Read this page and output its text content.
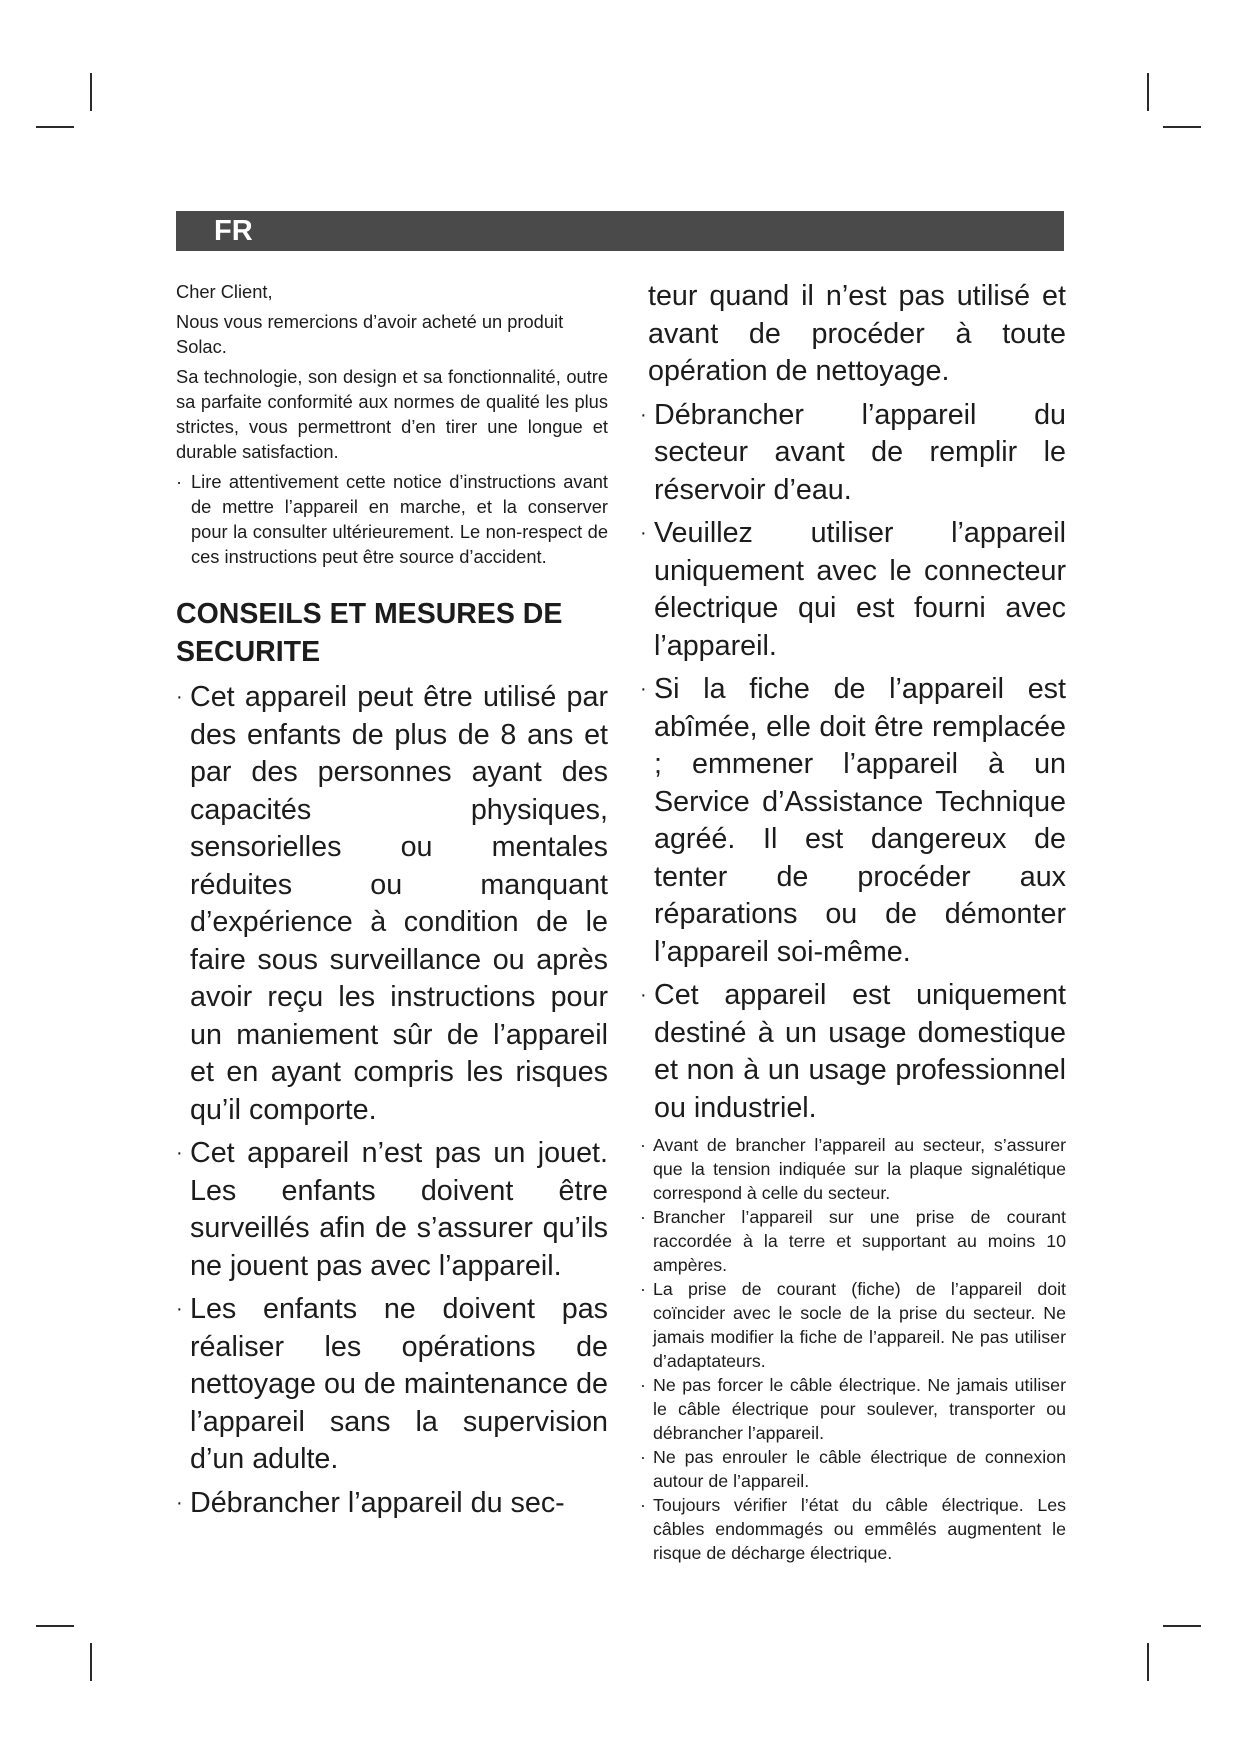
FR

Cher Client,

Nous vous remercions d’avoir acheté un produit Solac.

Sa technologie, son design et sa fonctionnalité, outre sa parfaite conformité aux normes de qualité les plus strictes, vous permettront d’en tirer une longue et durable satisfaction.

· Lire attentivement cette notice d’instructions avant de mettre l’appareil en marche, et la conserver pour la consulter ultérieurement. Le non-respect de ces instructions peut être source d’accident.

CONSEILS ET MESURES DE
SECURITE

· Cet appareil peut être utilisé par des enfants de plus de 8 ans et par des personnes ayant des capacités physiques, sensorielles ou mentales réduites ou manquant d’expérience à condition de le faire sous surveillance ou après avoir reçu les instructions pour un maniement sûr de l’appareil et en ayant compris les risques qu’il comporte.

· Cet appareil n’est pas un jouet. Les enfants doivent être surveillés afin de s’assurer qu’ils ne jouent pas avec l’appareil.

· Les enfants ne doivent pas réaliser les opérations de nettoyage ou de maintenance de l’appareil sans la supervision d’un adulte.

· Débrancher l’appareil du sec-

teur quand il n’est pas utilisé et avant de procéder à toute opération de nettoyage.

· Débrancher l’appareil du secteur avant de remplir le réservoir d’eau.

· Veuillez utiliser l’appareil uniquement avec le connecteur électrique qui est fourni avec l’appareil.

· Si la fiche de l’appareil est abîmée, elle doit être remplacée ; emmener l’appareil à un Service d’Assistance Technique agréé. Il est dangereux de tenter de procéder aux réparations ou de démonter l’appareil soi-même.

· Cet appareil est uniquement destiné à un usage domestique et non à un usage professionnel ou industriel.

· Avant de brancher l’appareil au secteur, s’assurer que la tension indiquée sur la plaque signalétique correspond à celle du secteur.

· Brancher l’appareil sur une prise de courant raccordée à la terre et supportant au moins 10 ampères.

· La prise de courant (fiche) de l’appareil doit coïncider avec le socle de la prise du secteur. Ne jamais modifier la fiche de l’appareil. Ne pas utiliser d’adaptateurs.

· Ne pas forcer le câble électrique. Ne jamais utiliser le câble électrique pour soulever, transporter ou débrancher l’appareil.

· Ne pas enrouler le câble électrique de connexion autour de l’appareil.

· Toujours vérifier l’état du câble électrique. Les câbles endommagés ou emmêlés augmentent le risque de décharge électrique.
